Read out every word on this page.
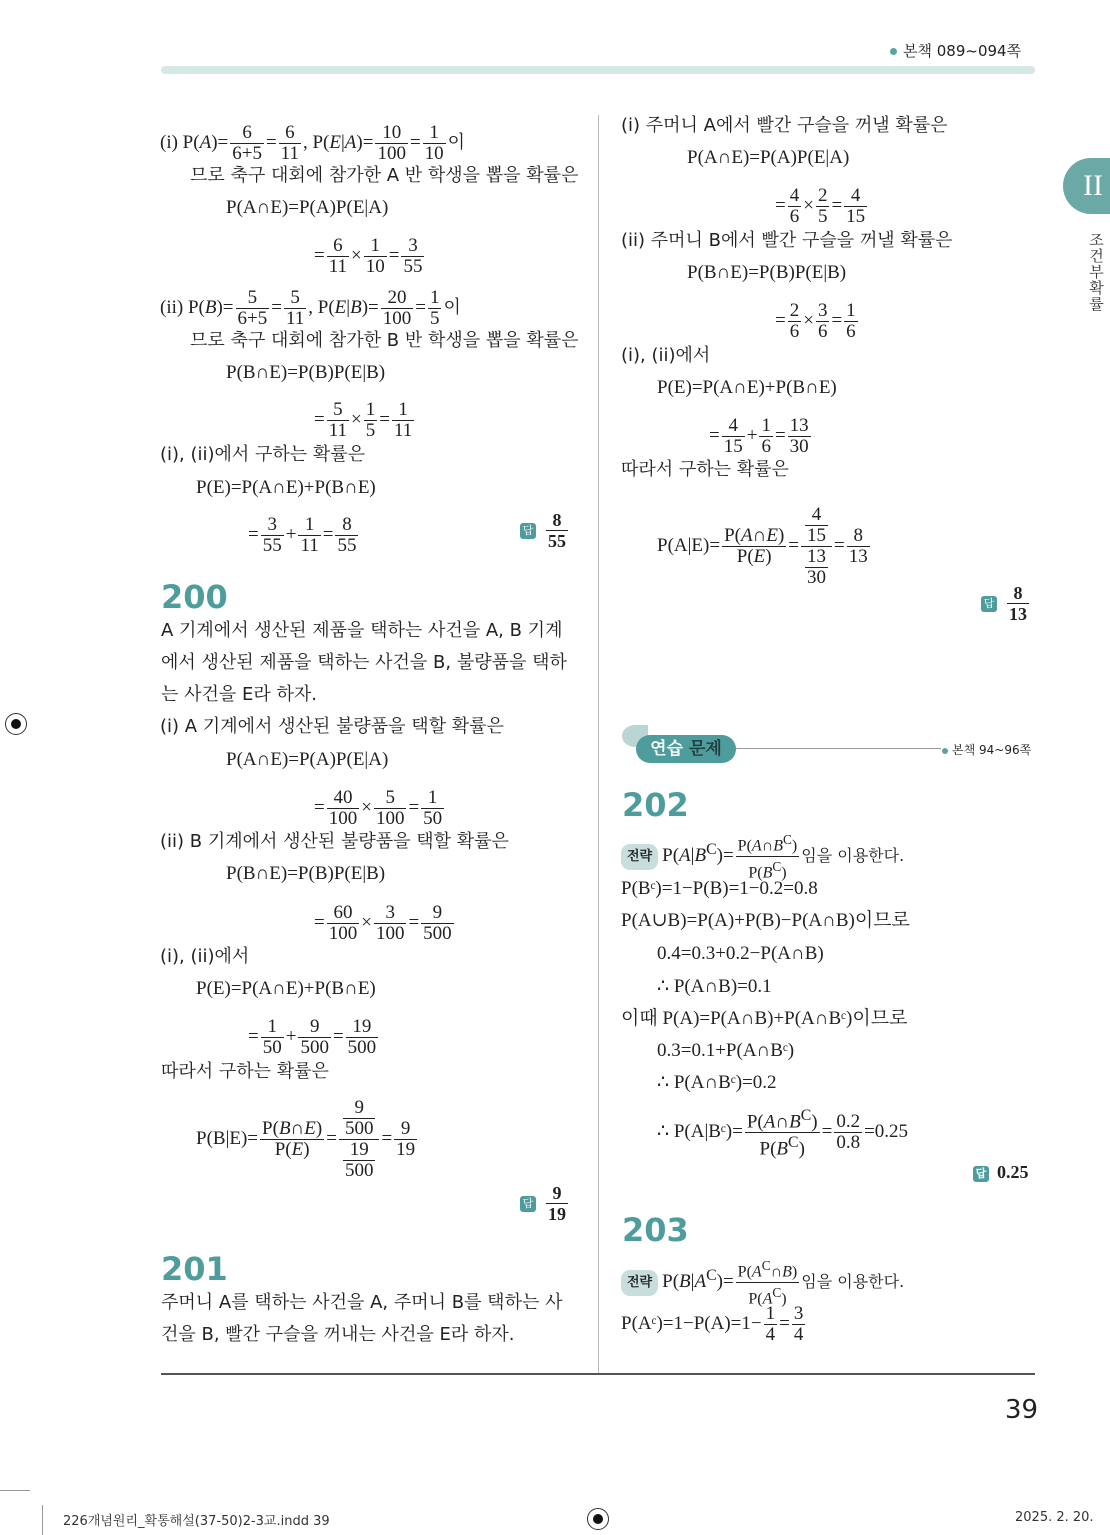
본책 089~094쪽
II
조건부확률
(i) $P(A)= \frac{6}{6+5} = \frac{6}{11}$ , $P(E|A)= \frac{10}{100} = \frac{1}{10}$ 이
므로 축구 대회에 참가한 A 반 학생을 뽑을 확률은
P(A∩E)=P(A)P(E|A)
= $\frac{6}{11} \times \frac{1}{10} = \frac{3}{55}$
(ii) $P(B)= \frac{5}{6+5} = \frac{5}{11}$ , $P(E|B)= \frac{20}{100} = \frac{1}{5}$ 이
므로 축구 대회에 참가한 B 반 학생을 뽑을 확률은
P(B∩E)=P(B)P(E|B)
= $\frac{5}{11} \times \frac{1}{5} = \frac{1}{11}$
(i), (ii)에서 구하는 확률은
P(E)=P(A∩E)+P(B∩E)
= $\frac{3}{55} + \frac{1}{11} = \frac{8}{55}$	답 $\frac{8}{55}$
200
A 기계에서 생산된 제품을 택하는 사건을 A, B 기계
에서 생산된 제품을 택하는 사건을 B, 불량품을 택하
는 사건을 E라 하자.
(i) A 기계에서 생산된 불량품을 택할 확률은
P(A∩E)=P(A)P(E|A)
= $\frac{40}{100} \times \frac{5}{100} = \frac{1}{50}$
(ii) B 기계에서 생산된 불량품을 택할 확률은
P(B∩E)=P(B)P(E|B)
= $\frac{60}{100} \times \frac{3}{100} = \frac{9}{500}$
(i), (ii)에서
P(E)=P(A∩E)+P(B∩E)
= $\frac{1}{50} + \frac{9}{500} = \frac{19}{500}$
따라서 구하는 확률은
$P(B|E)= \frac{P(B\cap E)}{P(E)} = \frac{\frac{9}{500}}{\frac{19}{500}} = \frac{9}{19}$
답 $\frac{9}{19}$
201
주머니 A를 택하는 사건을 A, 주머니 B를 택하는 사
건을 B, 빨간 구슬을 꺼내는 사건을 E라 하자.
(i) 주머니 A에서 빨간 구슬을 꺼낼 확률은
P(A∩E)=P(A)P(E|A)
= $\frac{4}{6} \times \frac{2}{5} = \frac{4}{15}$
(ii) 주머니 B에서 빨간 구슬을 꺼낼 확률은
P(B∩E)=P(B)P(E|B)
= $\frac{2}{6} \times \frac{3}{6} = \frac{1}{6}$
(i), (ii)에서
P(E)=P(A∩E)+P(B∩E)
= $\frac{4}{15} + \frac{1}{6} = \frac{13}{30}$
따라서 구하는 확률은
$P(A|E)= \frac{P(A\cap E)}{P(E)} = \frac{\frac{4}{15}}{\frac{13}{30}} = \frac{8}{13}$
답 $\frac{8}{13}$
연습 문제	본책 94~96쪽
202
전략 $P(A|B^C)= \frac{P(A\cap B^C)}{P(B^C)}$ 임을 이용한다.
P(Bᶜ)=1−P(B)=1−0.2=0.8
P(A∪B)=P(A)+P(B)−P(A∩B)이므로
0.4=0.3+0.2−P(A∩B)
∴ P(A∩B)=0.1
이때 P(A)=P(A∩B)+P(A∩Bᶜ)이므로
0.3=0.1+P(A∩Bᶜ)
∴ P(A∩Bᶜ)=0.2
∴ P(A|Bᶜ)= $\frac{P(A\cap B^C)}{P(B^C)} = \frac{0.2}{0.8} =0.25$
답 0.25
203
전략 $P(B|A^C)= \frac{P(A^C\cap B)}{P(A^C)}$ 임을 이용한다.
P(Aᶜ)=1−P(A)=1− $\frac{1}{4} = \frac{3}{4}$
39
226개념원리_확통해설(37-50)2-3교.indd 39	2025. 2. 20.
